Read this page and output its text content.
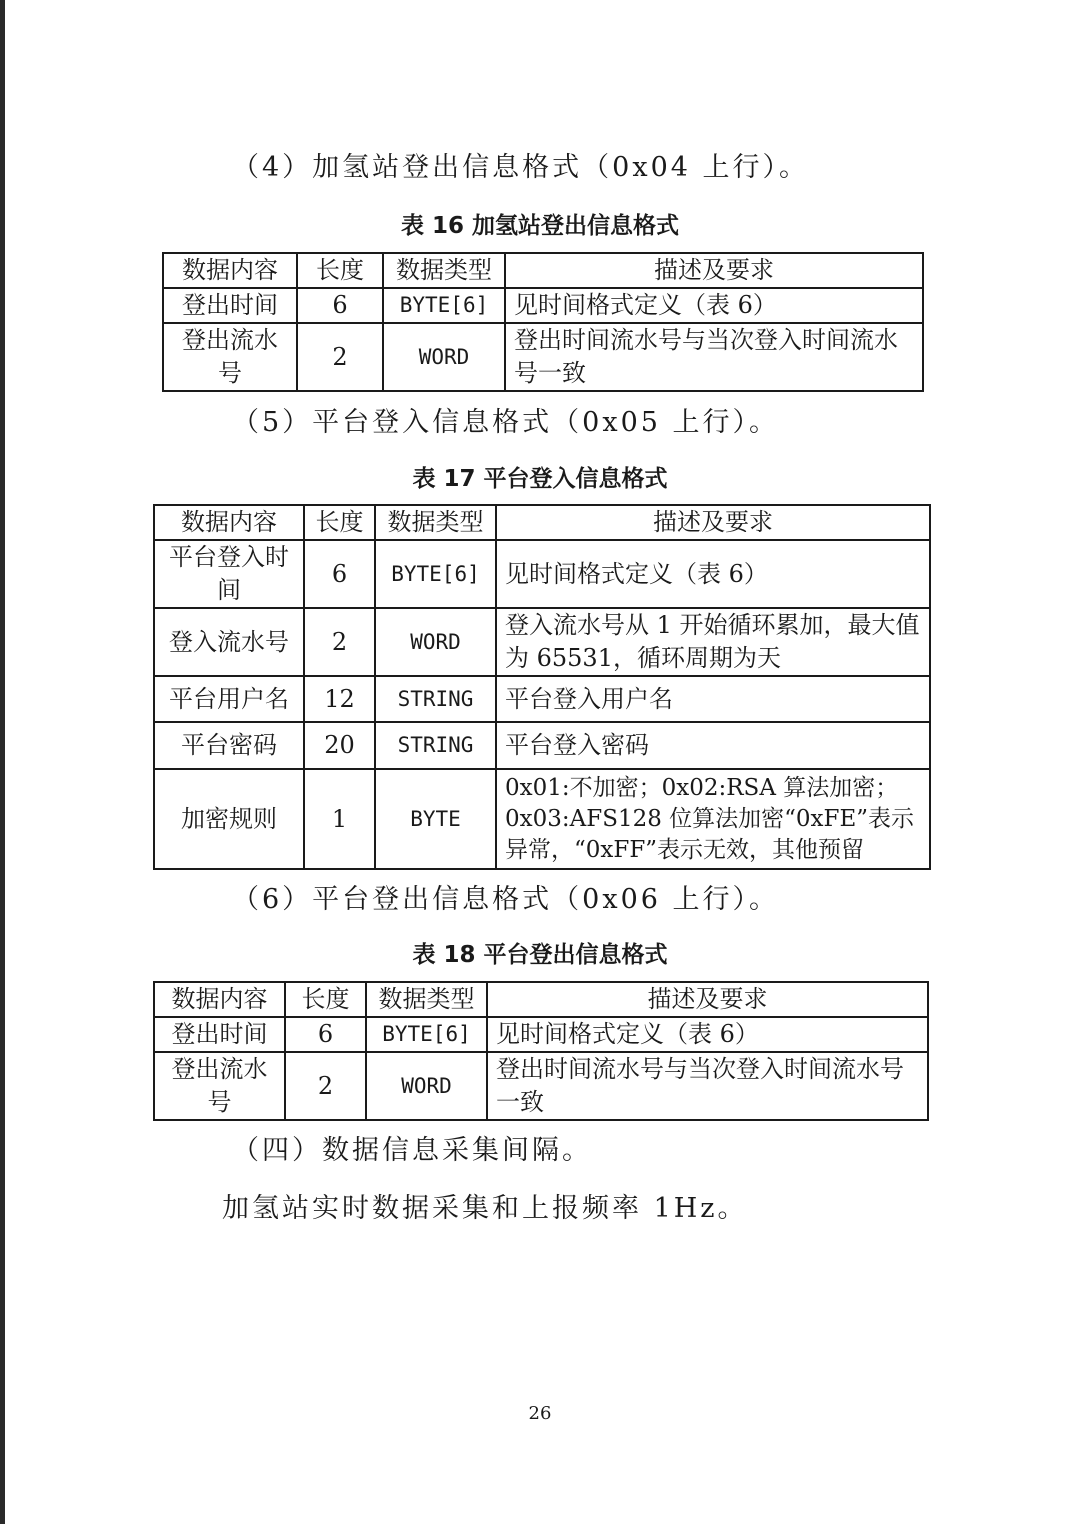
（4）加氢站登出信息格式（0x04 上行）。
表 16 加氢站登出信息格式
数据内容	长度	数据类型	描述及要求
登出时间	6	BYTE[6]	见时间格式定义（表 6）
登出流水号	2	WORD	登出时间流水号与当次登入时间流水号一致
（5）平台登入信息格式（0x05 上行）。
表 17 平台登入信息格式
数据内容	长度	数据类型	描述及要求
平台登入时间	6	BYTE[6]	见时间格式定义（表 6）
登入流水号	2	WORD	登入流水号从 1 开始循环累加，最大值为 65531，循环周期为天
平台用户名	12	STRING	平台登入用户名
平台密码	20	STRING	平台登入密码
加密规则	1	BYTE	0x01:不加密；0x02:RSA 算法加密；0x03:AFS128 位算法加密“0xFE”表示异常，“0xFF”表示无效，其他预留
（6）平台登出信息格式（0x06 上行）。
表 18 平台登出信息格式
数据内容	长度	数据类型	描述及要求
登出时间	6	BYTE[6]	见时间格式定义（表 6）
登出流水号	2	WORD	登出时间流水号与当次登入时间流水号一致
（四）数据信息采集间隔。
加氢站实时数据采集和上报频率 1Hz。
26
